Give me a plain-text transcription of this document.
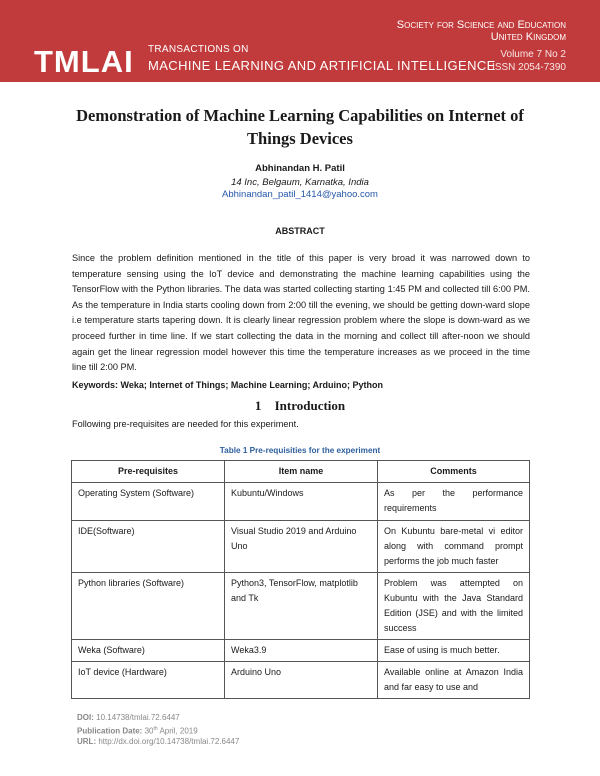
TMLAI TRANSACTIONS ON
MACHINE LEARNING AND ARTIFICIAL INTELLIGENCE
Society for Science and Education
United Kingdom
Volume 7 No 2
ISSN 2054-7390
Demonstration of Machine Learning Capabilities on Internet of Things Devices
Abhinandan H. Patil
14 Inc, Belgaum, Karnatka, India
Abhinandan_patil_1414@yahoo.com
ABSTRACT
Since the problem definition mentioned in the title of this paper is very broad it was narrowed down to temperature sensing using the IoT device and demonstrating the machine learning capabilities using the TensorFlow with the Python libraries. The data was started collecting starting 1:45 PM and collected till 6:00 PM. As the temperature in India starts cooling down from 2:00 till the evening, we should be getting down-ward slope i.e temperature starts tapering down. It is clearly linear regression problem where the slope is down-ward as we proceed further in time line. If we start collecting the data in the morning and collect till after-noon we should again get the linear regression model however this time the temperature increases as we proceed in the time line till 2:00 PM.
Keywords: Weka; Internet of Things; Machine Learning; Arduino; Python
1 Introduction
Following pre-requisites are needed for this experiment.
Table 1 Pre-requisities for the experiment
Pre-requisites	Item name	Comments
Operating System (Software)	Kubuntu/Windows	As per the performance requirements
IDE(Software)	Visual Studio 2019 and Arduino Uno	On Kubuntu bare-metal vi editor along with command prompt performs the job much faster
Python libraries (Software)	Python3, TensorFlow, matplotlib and Tk	Problem was attempted on Kubuntu with the Java Standard Edition (JSE) and with the limited success
Weka (Software)	Weka3.9	Ease of using is much better.
IoT device (Hardware)	Arduino Uno	Available online at Amazon India and far easy to use and
DOI: 10.14738/tmlai.72.6447
Publication Date: 30th April, 2019
URL: http://dx.doi.org/10.14738/tmlai.72.6447
